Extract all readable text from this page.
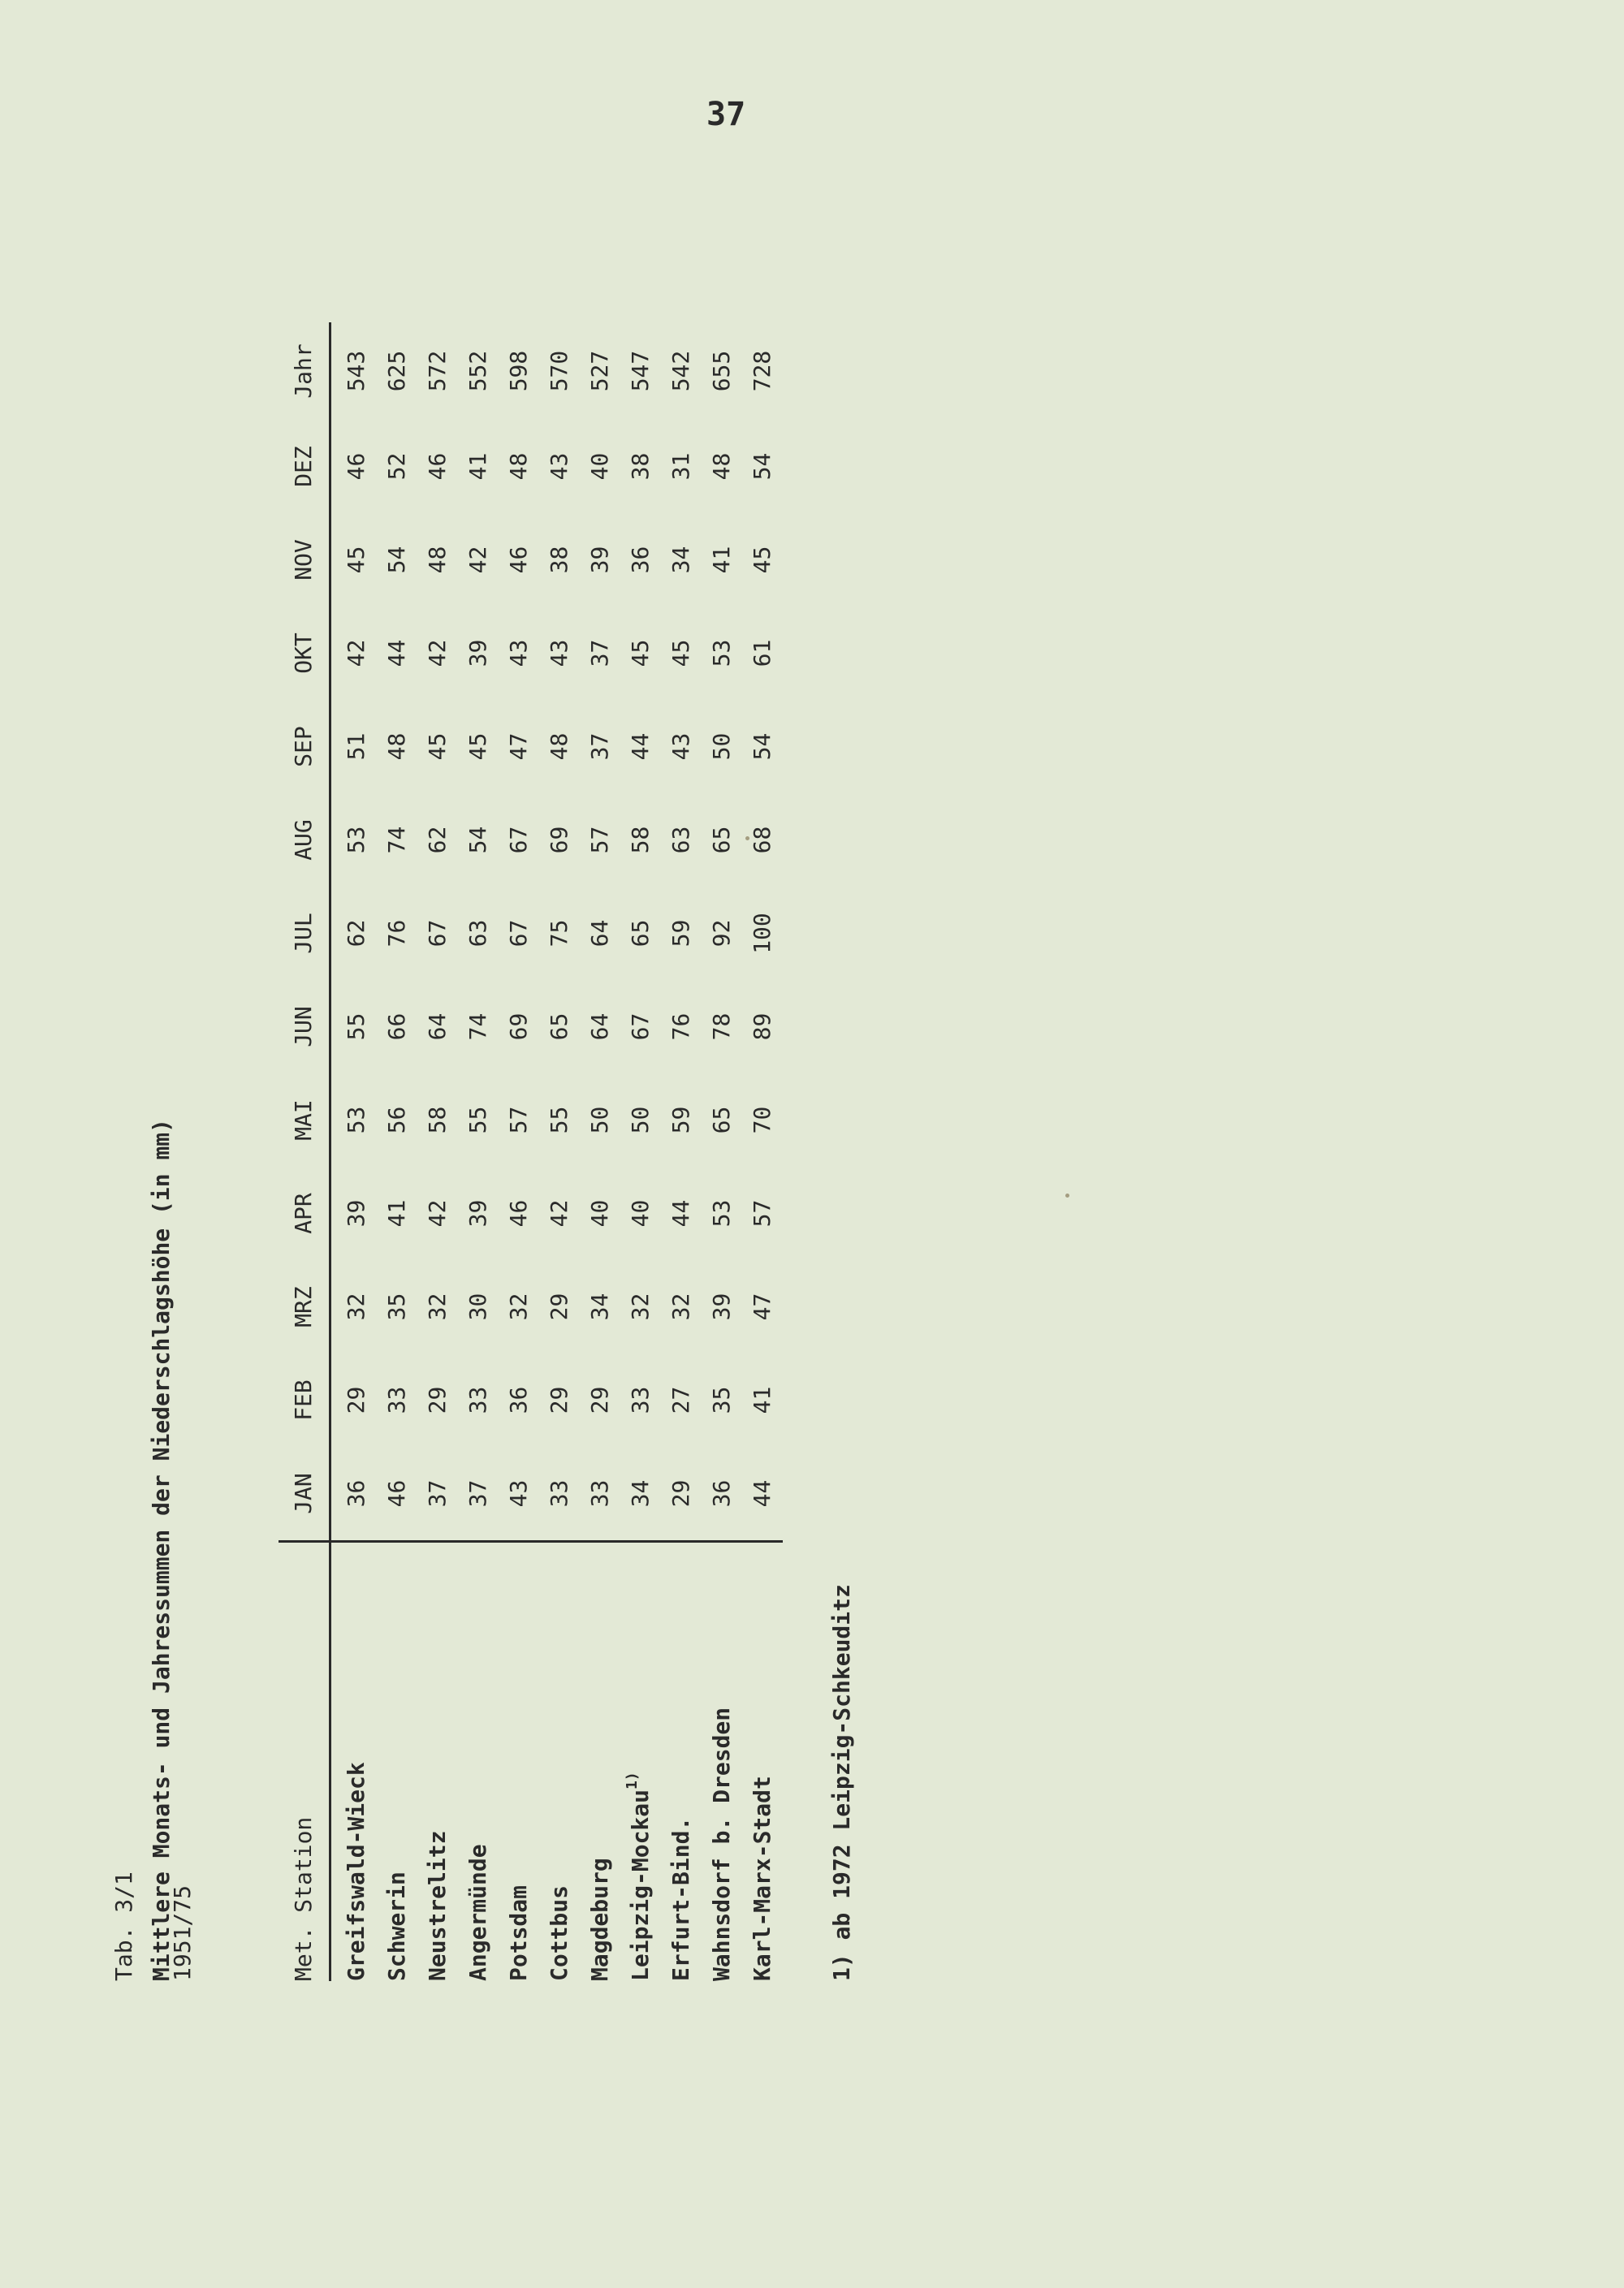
37
Tab. 3/1 Mittlere Monats- und Jahressummen der Niederschlagshöhe (in mm)
1951/75	Met. Station	JAN	FEB	MRZ	APR	MAI	JUN	JUL	AUG	SEP	OKT	NOV	DEZ	Jahr
Greifswald-Wieck	36	29	32	39	53	55	62	53	51	42	45	46	543
Schwerin	46	33	35	41	56	66	76	74	48	44	54	52	625
Neustrelitz	37	29	32	42	58	64	67	62	45	42	48	46	572
Angermünde	37	33	30	39	55	74	63	54	45	39	42	41	552
Potsdam	43	36	32	46	57	69	67	67	47	43	46	48	598
Cottbus	33	29	29	42	55	65	75	69	48	43	38	43	570
Magdeburg	33	29	34	40	50	64	64	57	37	37	39	40	527
Leipzig-Mockau$^{1)}$	34	33	32	40	50	67	65	58	44	45	36	38	547
Erfurt-Bind.	29	27	32	44	59	76	59	63	43	45	34	31	542
Wahnsdorf b. Dresden	36	35	39	53	65	78	92	65	50	53	41	48	655
Karl-Marx-Stadt	44	41	47	57	70	89	100	68	54	61	45	54	728
1) ab 1972 Leipzig-Schkeuditz
